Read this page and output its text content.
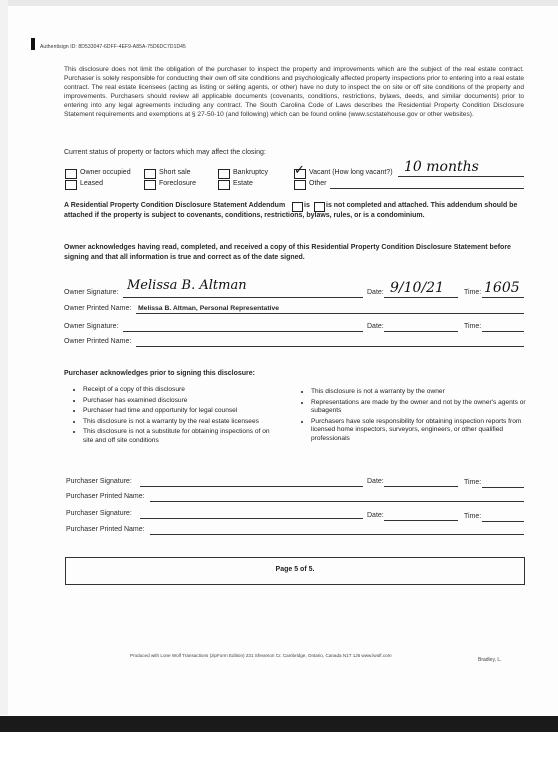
Authentisign ID: 8D533047-6DFF-4EF9-A85A-75D6DC7D1D45
This disclosure does not limit the obligation of the purchaser to inspect the property and improvements which are the subject of the real estate contract. Purchaser is solely responsible for conducting their own off site conditions and psychologically affected property inspections prior to entering into a real estate contract. The real estate licensees (acting as listing or selling agents, or other) have no duty to inspect the on site or off site conditions of the property and improvements. Purchasers should review all applicable documents (covenants, conditions, restrictions, bylaws, deeds, and similar documents) prior to entering into any legal agreements including any contract. The South Carolina Code of Laws describes the Residential Property Condition Disclosure Statement requirements and exemptions at § 27-50-10 (and following) which can be found online (www.scstatehouse.gov or other websites).
Current status of property or factors which may affect the closing:
Owner occupied
Leased
Short sale
Foreclosure
Bankruptcy
Estate
✓ Vacant (How long vacant?) 10 months
Other
A Residential Property Condition Disclosure Statement Addendum	is is not completed and attached. This addendum should be
attached if the property is subject to covenants, conditions, restrictions, bylaws, rules, or is a condominium.
Owner acknowledges having read, completed, and received a copy of this Residential Property Condition Disclosure Statement before
signing and that all information is true and correct as of the date signed.
Owner Signature: Melissa B. Altman	Date: 9/10/21	Time: 1605
Owner Printed Name: Melissa B. Altman, Personal Representative
Owner Signature:	Date:	Time:
Owner Printed Name:
Purchaser acknowledges prior to signing this disclosure:
• Receipt of a copy of this disclosure
• Purchaser has examined disclosure
• Purchaser had time and opportunity for legal counsel
• This disclosure is not a warranty by the real estate licensees
• This disclosure is not a substitute for obtaining inspections of on site and off site conditions
• This disclosure is not a warranty by the owner
• Representations are made by the owner and not by the owner's agents or subagents
• Purchasers have sole responsibility for obtaining inspection reports from licensed home inspectors, surveyors, engineers, or other qualified professionals
Purchaser Signature:	Date:	Time:
Purchaser Printed Name:
Purchaser Signature:	Date:	Time:
Purchaser Printed Name:
Page 5 of 5.
Produced with Lone Wolf Transactions (zipForm Edition) 231 Shearson Cr. Cambridge, Ontario, Canada N1T 1J5 www.lwolf.com
Bradley, L.
